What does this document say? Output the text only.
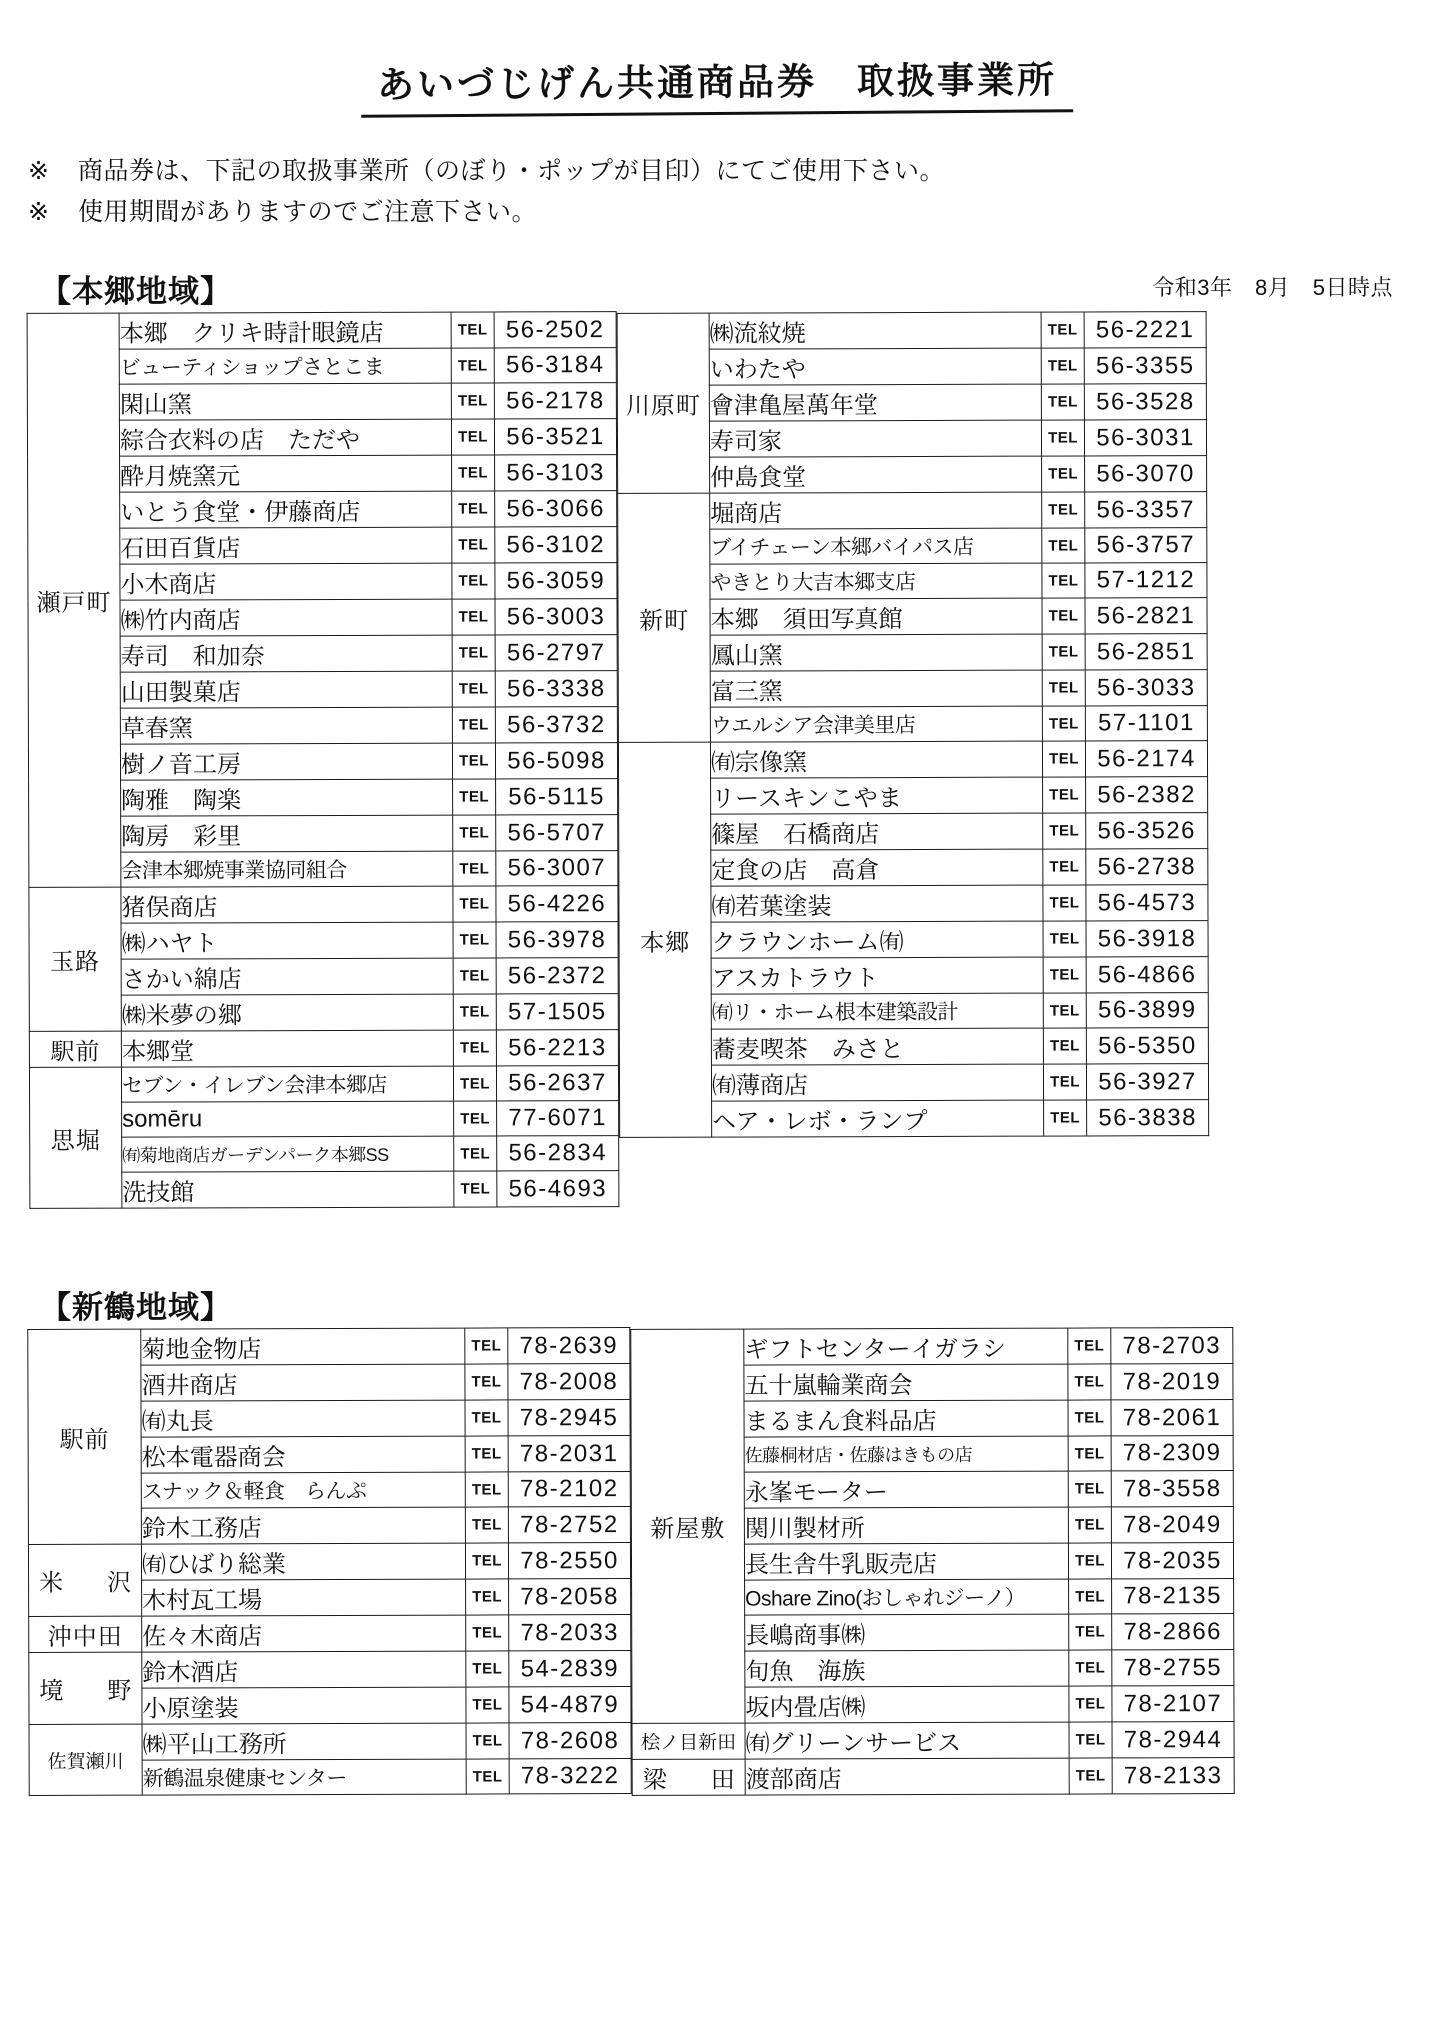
あいづじげん共通商品券　取扱事業所
※ 商品券は、下記の取扱事業所（のぼり・ポップが目印）にてご使用下さい。
※ 使用期間がありますのでご注意下さい。
【本郷地域】	令和3年　8月　5日時点
瀬戸町	本郷　クリキ時計眼鏡店	TEL	56-2502
	ビューティショップさとこま	TEL	56-3184
	閑山窯	TEL	56-2178
	綜合衣料の店　ただや	TEL	56-3521
	酔月焼窯元	TEL	56-3103
	いとう食堂・伊藤商店	TEL	56-3066
	石田百貨店	TEL	56-3102
	小木商店	TEL	56-3059
	㈱竹内商店	TEL	56-3003
	寿司　和加奈	TEL	56-2797
	山田製菓店	TEL	56-3338
	草春窯	TEL	56-3732
	樹ノ音工房	TEL	56-5098
	陶雅　陶楽	TEL	56-5115
	陶房　彩里	TEL	56-5707
	会津本郷焼事業協同組合	TEL	56-3007
玉路	猪俣商店	TEL	56-4226
	㈱ハヤト	TEL	56-3978
	さかい綿店	TEL	56-2372
	㈱米夢の郷	TEL	57-1505
駅前	本郷堂	TEL	56-2213
思堀	セブン・イレブン会津本郷店	TEL	56-2637
	somēru	TEL	77-6071
	㈲菊地商店ガーデンパーク本郷SS	TEL	56-2834
	洗技館	TEL	56-4693
川原町	㈱流紋焼	TEL	56-2221
	いわたや	TEL	56-3355
	會津亀屋萬年堂	TEL	56-3528
	寿司家	TEL	56-3031
	仲島食堂	TEL	56-3070
新町	堀商店	TEL	56-3357
	ブイチェーン本郷バイパス店	TEL	56-3757
	やきとり大吉本郷支店	TEL	57-1212
	本郷　須田写真館	TEL	56-2821
	鳳山窯	TEL	56-2851
	富三窯	TEL	56-3033
	ウエルシア会津美里店	TEL	57-1101
本郷	㈲宗像窯	TEL	56-2174
	リースキンこやま	TEL	56-2382
	篠屋　石橋商店	TEL	56-3526
	定食の店　高倉	TEL	56-2738
	㈲若葉塗装	TEL	56-4573
	クラウンホーム㈲	TEL	56-3918
	アスカトラウト	TEL	56-4866
	㈲リ・ホーム根本建築設計	TEL	56-3899
	蕎麦喫茶　みさと	TEL	56-5350
	㈲薄商店	TEL	56-3927
	ヘア・レボ・ランプ	TEL	56-3838
【新鶴地域】
駅前	菊地金物店	TEL	78-2639
	酒井商店	TEL	78-2008
	㈲丸長	TEL	78-2945
	松本電器商会	TEL	78-2031
	スナック＆軽食　らんぷ	TEL	78-2102
	鈴木工務店	TEL	78-2752
米　沢	㈲ひばり総業	TEL	78-2550
	木村瓦工場	TEL	78-2058
沖中田	佐々木商店	TEL	78-2033
境　野	鈴木酒店	TEL	54-2839
	小原塗装	TEL	54-4879
佐賀瀬川	㈱平山工務所	TEL	78-2608
	新鶴温泉健康センター	TEL	78-3222
新屋敷	ギフトセンターイガラシ	TEL	78-2703
	五十嵐輪業商会	TEL	78-2019
	まるまん食料品店	TEL	78-2061
	佐藤桐材店・佐藤はきもの店	TEL	78-2309
	永峯モーター	TEL	78-3558
	関川製材所	TEL	78-2049
	長生舎牛乳販売店	TEL	78-2035
	Oshare Zino(おしゃれジーノ）	TEL	78-2135
	長嶋商事㈱	TEL	78-2866
	旬魚　海族	TEL	78-2755
	坂内畳店㈱	TEL	78-2107
桧ノ目新田	㈲グリーンサービス	TEL	78-2944
梁　田	渡部商店	TEL	78-2133
